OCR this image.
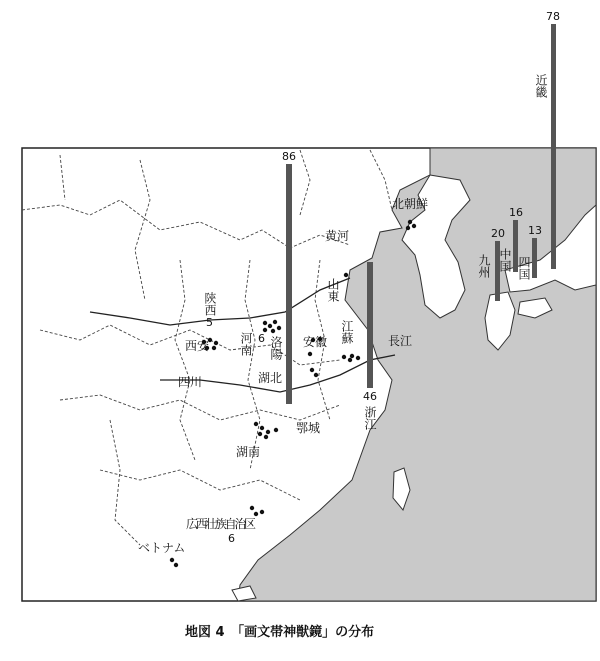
86
46
20
16
13
78
西安
四川	湖北
安徽
黄河
長江
北朝鮮
鄂城
湖南
ベトナム
広西壮族自治区
6
陝西
5
河南 洛陽
6
山東
江蘇
浙江
九州 中国 四国
近畿
地図 4　「画文帯神獣鏡」の分布
